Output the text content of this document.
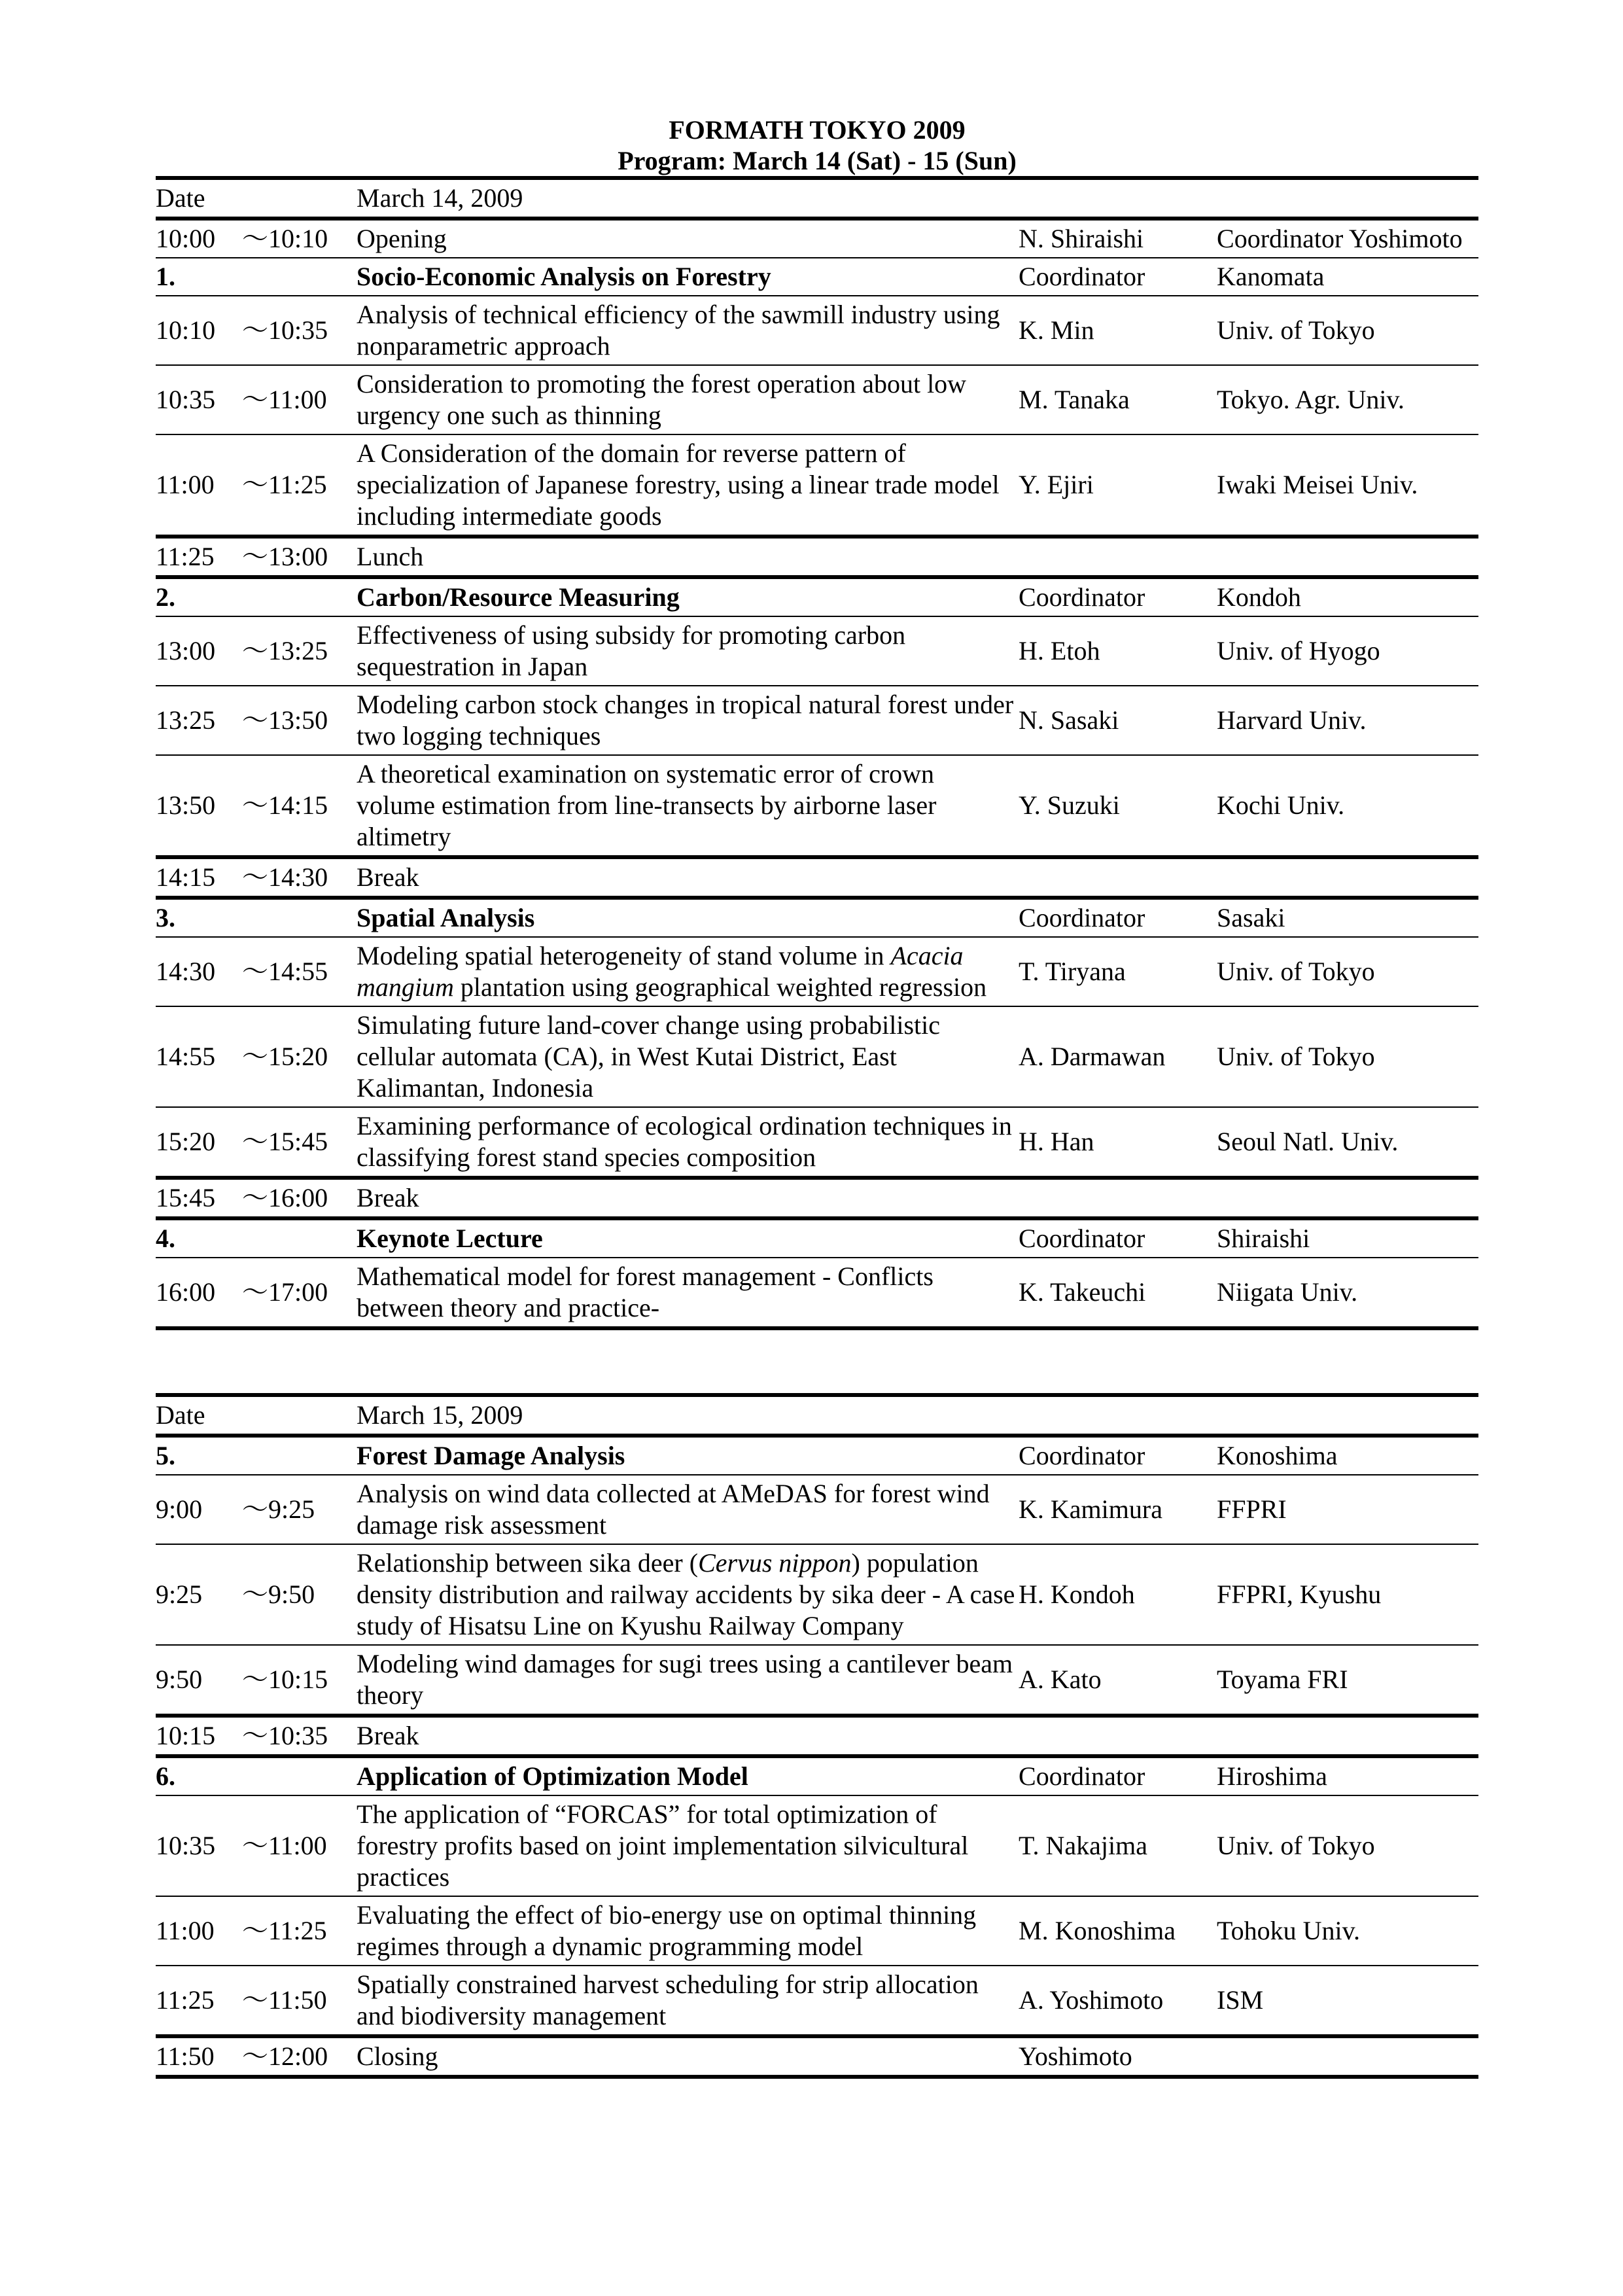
FORMATH TOKYO 2009
Program: March 14 (Sat) - 15 (Sun)
Date		March 14, 2009		
10:00	～10:10	Opening	N. Shiraishi	Coordinator Yoshimoto
1.		Socio-Economic Analysis on Forestry	Coordinator	Kanomata
10:10	～10:35	Analysis of technical efficiency of the sawmill industry using nonparametric approach	K. Min	Univ. of Tokyo
10:35	～11:00	Consideration to promoting the forest operation about low urgency one such as thinning	M. Tanaka	Tokyo. Agr. Univ.
11:00	～11:25	A Consideration of the domain for reverse pattern of specialization of Japanese forestry, using a linear trade model including intermediate goods	Y. Ejiri	Iwaki Meisei Univ.
11:25	～13:00	Lunch		
2.		Carbon/Resource Measuring	Coordinator	Kondoh
13:00	～13:25	Effectiveness of using subsidy for promoting carbon sequestration in Japan	H. Etoh	Univ. of Hyogo
13:25	～13:50	Modeling carbon stock changes in tropical natural forest under two logging techniques	N. Sasaki	Harvard Univ.
13:50	～14:15	A theoretical examination on systematic error of crown volume estimation from line-transects by airborne laser altimetry	Y. Suzuki	Kochi Univ.
14:15	～14:30	Break		
3.		Spatial Analysis	Coordinator	Sasaki
14:30	～14:55	Modeling spatial heterogeneity of stand volume in Acacia mangium plantation using geographical weighted regression	T. Tiryana	Univ. of Tokyo
14:55	～15:20	Simulating future land-cover change using probabilistic cellular automata (CA), in West Kutai District, East Kalimantan, Indonesia	A. Darmawan	Univ. of Tokyo
15:20	～15:45	Examining performance of ecological ordination techniques in classifying forest stand species composition	H. Han	Seoul Natl. Univ.
15:45	～16:00	Break		
4.		Keynote Lecture	Coordinator	Shiraishi
16:00	～17:00	Mathematical model for forest management - Conflicts between theory and practice-	K. Takeuchi	Niigata Univ.
Date		March 15, 2009		
5.		Forest Damage Analysis	Coordinator	Konoshima
9:00	～9:25	Analysis on wind data collected at AMeDAS for forest wind damage risk assessment	K. Kamimura	FFPRI
9:25	～9:50	Relationship between sika deer (Cervus nippon) population density distribution and railway accidents by sika deer - A case study of Hisatsu Line on Kyushu Railway Company	H. Kondoh	FFPRI, Kyushu
9:50	～10:15	Modeling wind damages for sugi trees using a cantilever beam theory	A. Kato	Toyama FRI
10:15	～10:35	Break		
6.		Application of Optimization Model	Coordinator	Hiroshima
10:35	～11:00	The application of “FORCAS” for total optimization of forestry profits based on joint implementation silvicultural practices	T. Nakajima	Univ. of Tokyo
11:00	～11:25	Evaluating the effect of bio-energy use on optimal thinning regimes through a dynamic programming model	M. Konoshima	Tohoku Univ.
11:25	～11:50	Spatially constrained harvest scheduling for strip allocation and biodiversity management	A. Yoshimoto	ISM
11:50	～12:00	Closing	Yoshimoto	
